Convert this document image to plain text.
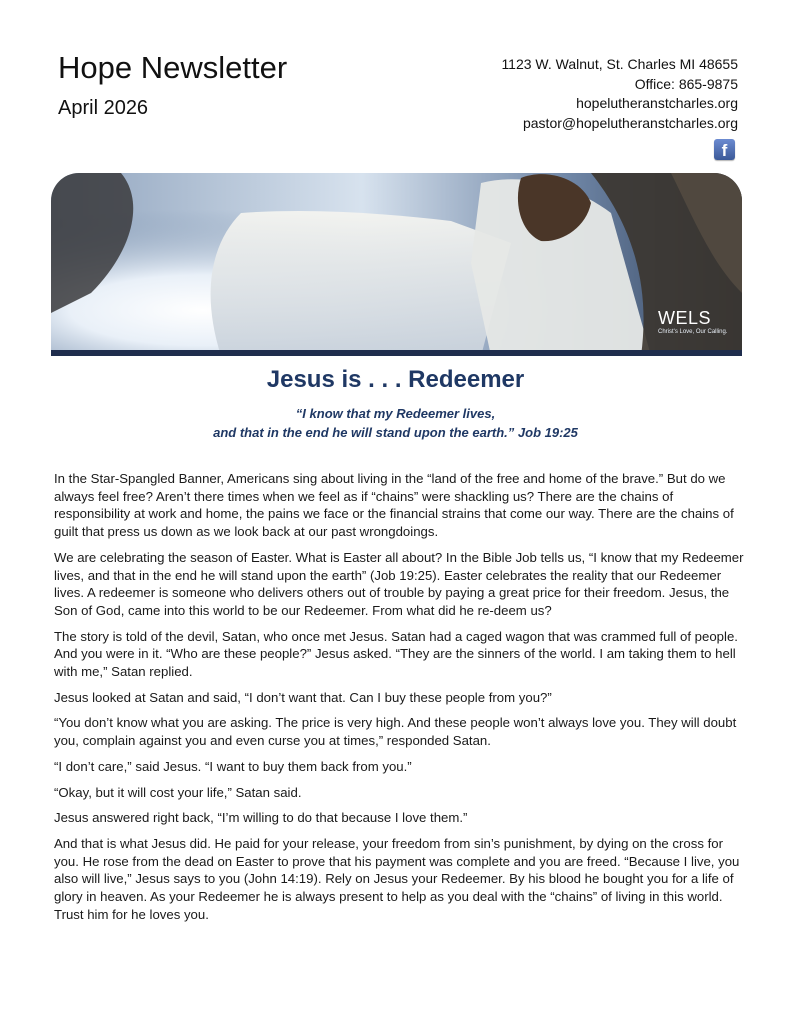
Hope Newsletter
April 2026
1123 W. Walnut, St. Charles MI 48655
Office: 865-9875
hopelutheranstcharles.org
pastor@hopelutheranstcharles.org
f
WELS
Christ's Love, Our Calling.
Jesus is . . . Redeemer
“I know that my Redeemer lives,
and that in the end he will stand upon the earth.” Job 19:25

In the Star-Spangled Banner, Americans sing about living in the “land of the free and home of the brave.” But do we always feel free? Aren’t there times when we feel as if “chains” were shackling us? There are the chains of responsibility at work and home, the pains we face or the financial strains that come our way. There are the chains of guilt that press us down as we look back at our past wrongdoings.

We are celebrating the season of Easter. What is Easter all about? In the Bible Job tells us, “I know that my Redeemer lives, and that in the end he will stand upon the earth” (Job 19:25). Easter celebrates the reality that our Redeemer lives. A redeemer is someone who delivers others out of trouble by paying a great price for their freedom. Jesus, the Son of God, came into this world to be our Redeemer. From what did he re-deem us?

The story is told of the devil, Satan, who once met Jesus. Satan had a caged wagon that was crammed full of people. And you were in it. “Who are these people?” Jesus asked. “They are the sinners of the world. I am taking them to hell with me,” Satan replied.

Jesus looked at Satan and said, “I don’t want that. Can I buy these people from you?”

“You don’t know what you are asking. The price is very high. And these people won’t always love you. They will doubt you, complain against you and even curse you at times,” responded Satan.

“I don’t care,” said Jesus. “I want to buy them back from you.”

“Okay, but it will cost your life,” Satan said.

Jesus answered right back, “I’m willing to do that because I love them.”

And that is what Jesus did. He paid for your release, your freedom from sin’s punishment, by dying on the cross for you. He rose from the dead on Easter to prove that his payment was complete and you are freed. “Because I live, you also will live,” Jesus says to you (John 14:19). Rely on Jesus your Redeemer. By his blood he bought you for a life of glory in heaven. As your Redeemer he is always present to help as you deal with the “chains” of living in this world. Trust him for he loves you.
